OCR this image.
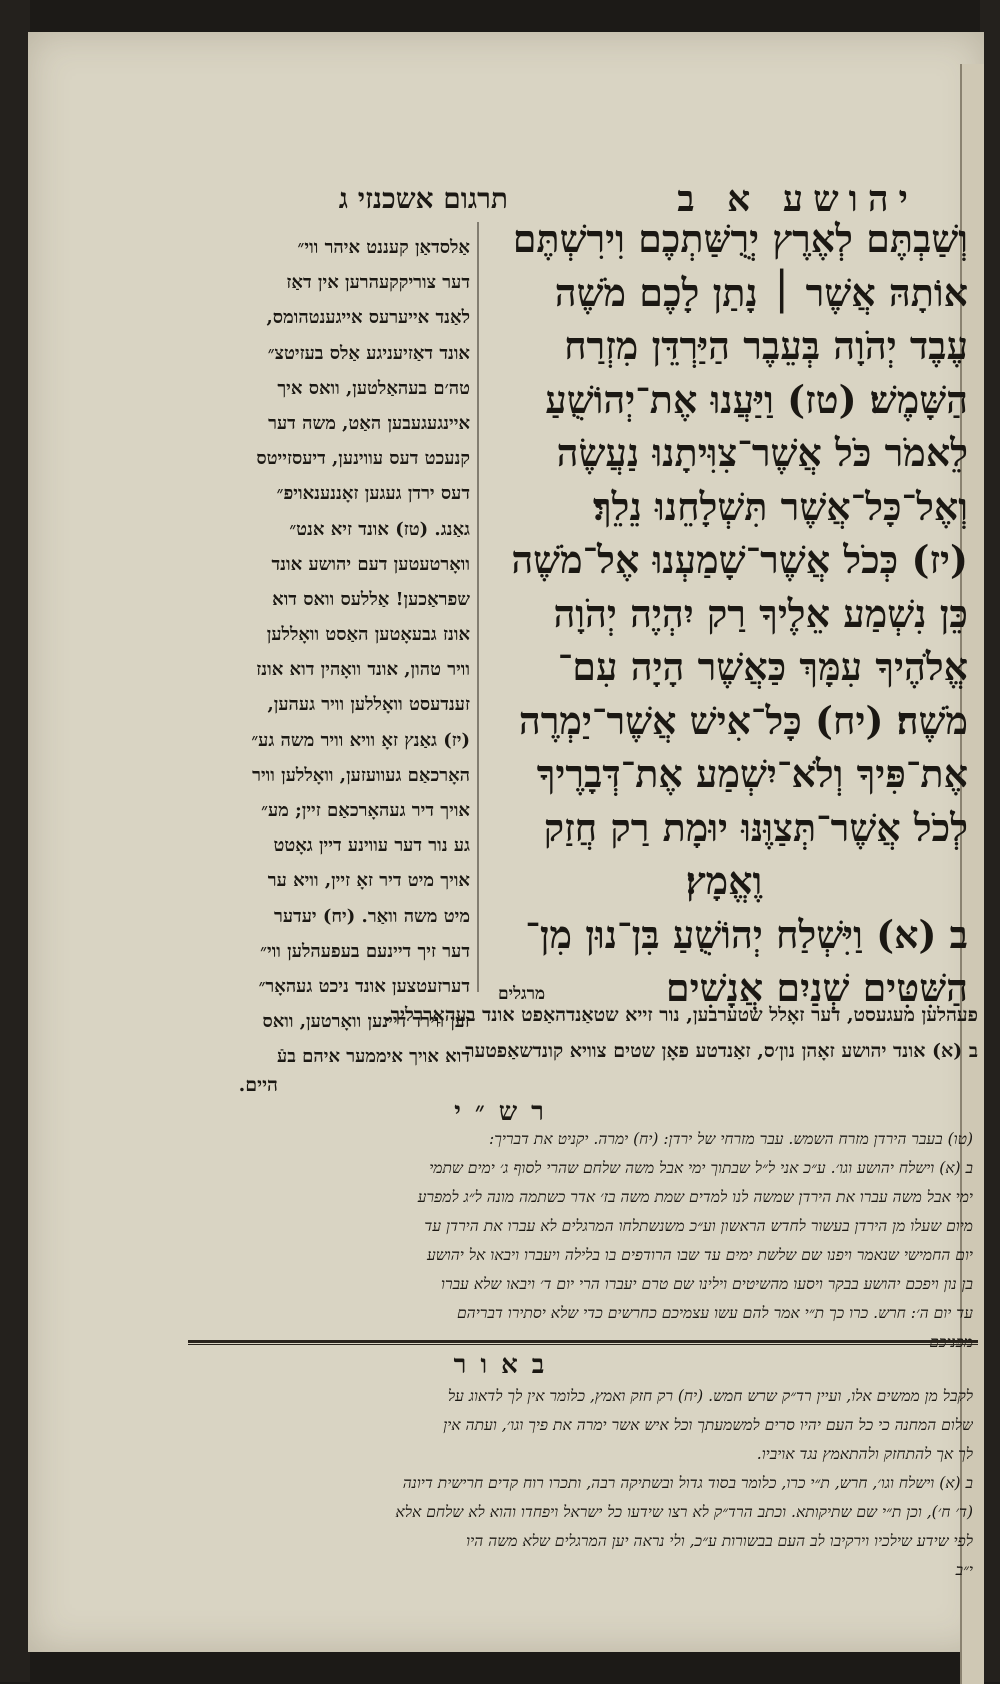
יהושע א ב
תרגום אשכנזי ג
וְשַׁבְתֶּם לְאֶרֶץ יְרֻשַּׁתְכֶם וִירִשְׁתֶּם
אוֹתָהּ אֲשֶׁר ׀ נָתַן לָכֶם מֹשֶׁה
עֶבֶד יְהֹוָה בְּעֵבֶר הַיַּרְדֵּן מִזְרַח
הַשָּׁמֶשׁ׃ (טז) וַיַּעֲנוּ אֶת־יְהוֹשֻׁעַ
לֵאמֹר כֹּל אֲשֶׁר־צִוִּיתָנוּ נַעֲשֶׂה
וְאֶל־כָּל־אֲשֶׁר תִּשְׁלָחֵנוּ נֵלֵךְ׃
(יז) כְּכֹל אֲשֶׁר־שָׁמַעְנוּ אֶל־מֹשֶׁה
כֵּן נִשְׁמַע אֵלֶיךָ רַק יִהְיֶה יְהֹוָה
אֱלֹהֶיךָ עִמָּךְ כַּאֲשֶׁר הָיָה עִם־
מֹשֶׁה׃ (יח) כָּל־אִישׁ אֲשֶׁר־יַמְרֶה
אֶת־פִּיךָ וְלֹא־יִשְׁמַע אֶת־דְּבָרֶיךָ
לְכֹל אֲשֶׁר־תְּצַוֶּנּוּ יוּמָת רַק חֲזַק
וֶאֱמָץ׃
ב (א) וַיִּשְׁלַח יְהוֹשֻׁעַ בִּן־נוּן מִן־
הַשִּׁטִּים שְׁנַיִם אֲנָשִׁים
אַלסדאַן קעננט איהר ווי״
דער צוריקקעהרען אין דאַז
לאַנד אייערעס אייגענטהומס,
אונד דאַזיעניגע אַלס בעזיטצ״
טה׳ם בעהאַלטען, וואס איך
איינגעגעבען האַט, משה דער
קנעכט דעס עווינען, דיעסזייטס
דעס ירדן געגען זאָננענאויפ״
גאַנג. (טז) אונד זיא אנט״
וואָרטעטען דעם יהושע אונד
שפראַכען! אַללעס וואס דוא
אונז גבעאָטען האַסט וואָללען
וויר טהון, אונד וואָהין דוא אונז
זענדעסט וואָללען וויר געהען,
(יז) גאַנץ זאָ וויא וויר משה גע״
האָרכאַם געוועזען, וואָללען וויר
אויך דיר געהאָרכאַם זיין; מע״
גע נור דער עווינע דיין גאָטט
אויך מיט דיר זאָ זיין, וויא ער
מיט משה וואַר. (יח) יעדער
דער זיך דיינעם בעפעהלען ווי״
דערזעטצען אונד ניכט געהאָר״
זען ווירד דיינען וואָרטען, וואס
דוא אויך איממער איהם בעֿ
מרגלים
פעהלען מעגעסט, דער זאָלל שטערבען, נור זייא שטאַנדהאַפט אונד בעהאַררליך.
ב (א) אונד יהושע זאָהן נון׳ס, זאַנדטע פאָן שטים צוויא קונדשאַפטער
היים.
רש״י
(טו) בעבר הירדן מזרח השמש. עבר מזרחי של ירדן: (יח) ימרה. יקניט את דבריך:
ב (א) וישלח יהושע וגו׳. ע״כ אני ל״ל שבתוך ימי אבל משה שלחם שהרי לסוף ג׳ ימים שתמי
ימי אבל משה עברו את הירדן שמשה לנו למדים שמת משה בז׳ אדר כשתמה מונה ל״ג למפרע
מיום שעלו מן הירדן בעשור לחדש הראשון וע״כ משנשתלחו המרגלים לא עברו את הירדן עד
יום החמישי שנאמר ויפנו שם שלשת ימים עד שבו הרודפים בו בלילה ויעברו ויבאו אל יהושע
בן נון ויפכם יהושע בבקר ויסעו מהשיטים וילינו שם טרם יעברו הרי יום ד׳ ויבאו שלא עברו
עד יום ה׳: חרש. כרו כך ת״י אמר להם עשו עצמיכם כחרשים כדי שלא יסתירו דבריהם
באור
לקבל מן ממשים אלו, ועיין רד״ק שרש חמש. (יח) רק חזק ואמץ, כלומר אין לך לדאוג על
שלום המחנה כי כל העם יהיו סרים למשמעתך וכל איש אשר ימרה את פיך וגו׳, ועתה אין
לך אך להתחזק ולהתאמץ נגד אויביו.
ב (א) וישלח וגו׳, חרש, ת״י כרו, כלומר בסוד גדול ובשתיקה רבה, ותכרו רוח קדים חרישית דיונה
(ד׳ ח׳), וכן ת״י שם שתיקותא. וכתב הרד״ק לא רצו שידעו כל ישראל ויפחדו והוא לא שלחם אלא
לפי שידע שילכיו וירקיבו לב העם בבשורות ע״כ, ולי נראה יען המרגלים שלא משה היו
י״ב
